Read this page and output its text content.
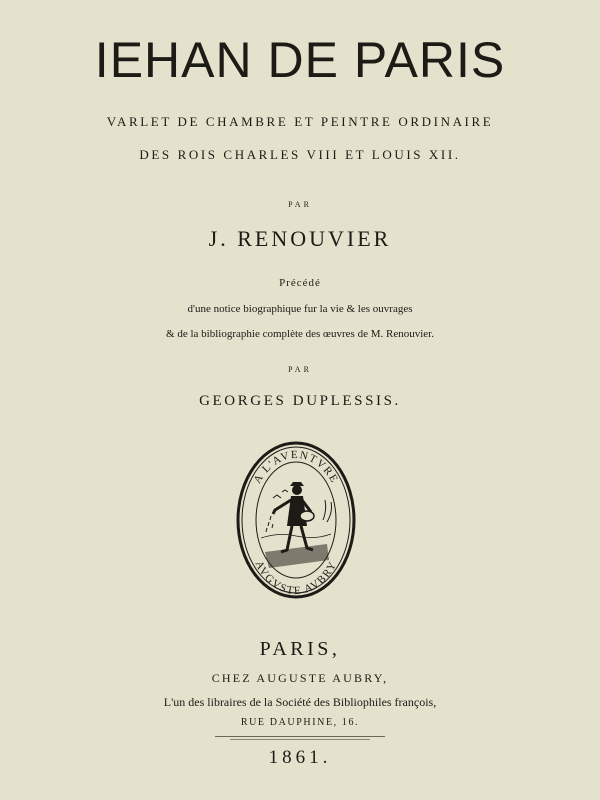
IEHAN DE PARIS
VARLET DE CHAMBRE ET PEINTRE ORDINAIRE
DES ROIS CHARLES VIII ET LOUIS XII.
PAR
J. RENOUVIER
Précédé
d'une notice biographique fur la vie & les ouvrages
& de la bibliographie complète des œuvres de M. Renouvier.
PAR
GEORGES DUPLESSIS.
A L'AVENTVRE
AVGVSTE AVBRY
PARIS,
CHEZ AUGUSTE AUBRY,
L'un des libraires de la Société des Bibliophiles françois,
RUE DAUPHINE, 16.
1861.
